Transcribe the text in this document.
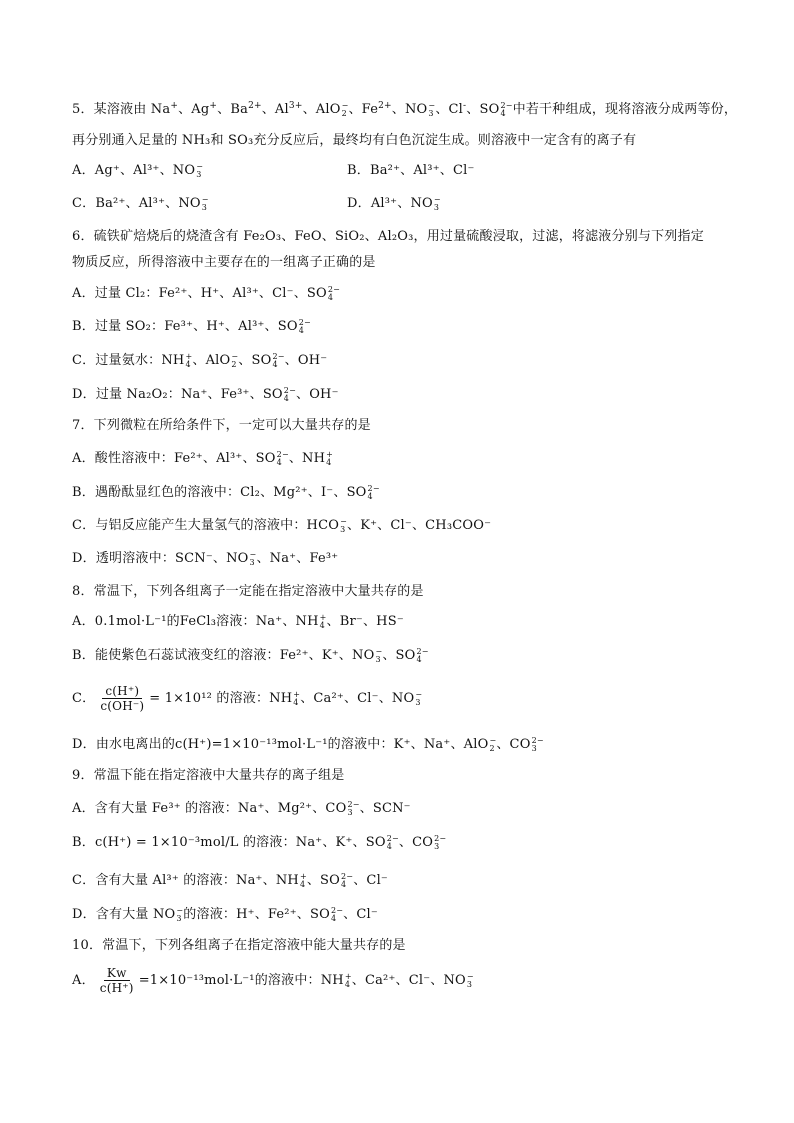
5．某溶液由 Na+、Ag+、$Ba^{2+}$、$Al^{3+}$、AlO −
2 、$Fe^{2+}$、NO −
3 、Cl-、SO 2−
4 中若干种组成，现将溶液分成两等份，
再分别通入足量的 NH₃和 SO₃充分反应后，最终均有白色沉淀生成。则溶液中一定含有的离子有
A．Ag⁺、Al³⁺、NO −
3	B．Ba²⁺、Al³⁺、Cl⁻
C．Ba²⁺、Al³⁺、NO −
3	D．Al³⁺、NO −
3
6．硫铁矿焙烧后的烧渣含有 Fe₂O₃、FeO、SiO₂、Al₂O₃，用过量硫酸浸取，过滤，将滤液分别与下列指定
物质反应，所得溶液中主要存在的一组离子正确的是
A．过量 Cl₂：Fe²⁺、H⁺、Al³⁺、Cl⁻、SO 2−
4
B．过量 SO₂：Fe³⁺、H⁺、Al³⁺、SO 2−
4
C．过量氨水：NH +
4 、AlO −
2 、SO 2−
4 、OH⁻
D．过量 Na₂O₂：Na⁺、Fe³⁺、SO 2−
4 、OH⁻
7．下列微粒在所给条件下，一定可以大量共存的是
A．酸性溶液中：Fe²⁺、Al³⁺、SO 2−
4 、NH +
4
B．遇酚酞显红色的溶液中：Cl₂、Mg²⁺、I⁻、SO 2−
4
C．与铝反应能产生大量氢气的溶液中：HCO −
3 、K⁺、Cl⁻、CH₃COO⁻
D．透明溶液中：SCN⁻、NO −
3 、Na⁺、Fe³⁺
8．常温下，下列各组离子一定能在指定溶液中大量共存的是
A．0.1mol·L⁻¹的FeCl₃溶液：Na⁺、NH +
4 、Br⁻、HS⁻
B．能使紫色石蕊试液变红的溶液：Fe²⁺、K⁺、NO −
3 、SO 2−
4
C． $\frac{c(H^+)}{c(OH^-)} = 1\times 10^{12}$ 的溶液：NH +
4 、Ca²⁺、Cl⁻、NO −
3
D．由水电离出的c(H⁺)=1×10⁻¹³mol·L⁻¹的溶液中：K⁺、Na⁺、AlO −
2 、CO 2−
3
9．常温下能在指定溶液中大量共存的离子组是
A．含有大量 Fe³⁺ 的溶液：Na⁺、Mg²⁺、CO 2−
3 、SCN⁻
B．c(H⁺) = 1×10⁻³mol/L 的溶液：Na⁺、K⁺、SO 2−
4 、CO 2−
3
C．含有大量 Al³⁺ 的溶液：Na⁺、NH +
4 、SO 2−
4 、Cl⁻
D．含有大量 NO −
3 的溶液：H⁺、Fe²⁺、SO 2−
4 、Cl⁻
10．常温下，下列各组离子在指定溶液中能大量共存的是
A． $\frac{Kw}{c(H^+)} =1\times 10^{-13}mol\cdot L^{-1}$的溶液中：NH +
4 、Ca²⁺、Cl⁻、NO −
3
